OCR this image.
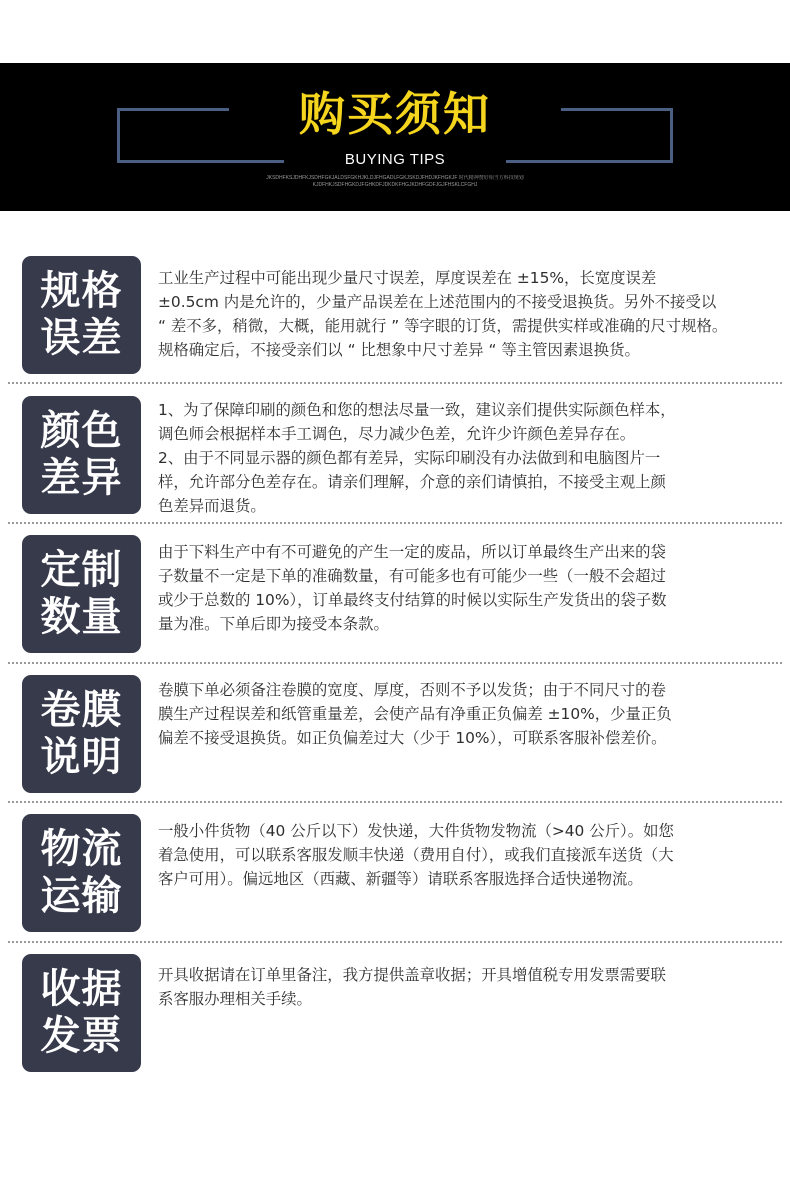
购买须知
BUYING TIPS
JKSDHFKSJDHFKJSDHFGKJALDSFGKHJKLDJFHGADLFGKJSKDJFHDJKFHGKJF 时代精神赞好相当方科技规划
KJDFHKJSDFHGKDJFGHKDFJDKDKFHGJKDHFGDFJGJFHSKLCFGHJ
规格
误差
工业生产过程中可能出现少量尺寸误差，厚度误差在 ±15%，长宽度误差
±0.5cm 内是允许的，少量产品误差在上述范围内的不接受退换货。另外不接受以
“ 差不多，稍微，大概，能用就行 ” 等字眼的订货，需提供实样或准确的尺寸规格。
规格确定后，不接受亲们以 “ 比想象中尺寸差异 “ 等主管因素退换货。
颜色
差异
1、为了保障印刷的颜色和您的想法尽量一致，建议亲们提供实际颜色样本，
调色师会根据样本手工调色，尽力减少色差，允许少许颜色差异存在。
2、由于不同显示器的颜色都有差异，实际印刷没有办法做到和电脑图片一
样，允许部分色差存在。请亲们理解，介意的亲们请慎拍，不接受主观上颜
色差异而退货。
定制
数量
由于下料生产中有不可避免的产生一定的废品，所以订单最终生产出来的袋
子数量不一定是下单的准确数量，有可能多也有可能少一些（一般不会超过
或少于总数的 10%），订单最终支付结算的时候以实际生产发货出的袋子数
量为准。下单后即为接受本条款。
卷膜
说明
卷膜下单必须备注卷膜的宽度、厚度，否则不予以发货；由于不同尺寸的卷
膜生产过程误差和纸管重量差，会使产品有净重正负偏差 ±10%，少量正负
偏差不接受退换货。如正负偏差过大（少于 10%），可联系客服补偿差价。
物流
运输
一般小件货物（40 公斤以下）发快递，大件货物发物流（>40 公斤）。如您
着急使用，可以联系客服发顺丰快递（费用自付），或我们直接派车送货（大
客户可用）。偏远地区（西藏、新疆等）请联系客服选择合适快递物流。
收据
发票
开具收据请在订单里备注，我方提供盖章收据；开具增值税专用发票需要联
系客服办理相关手续。
